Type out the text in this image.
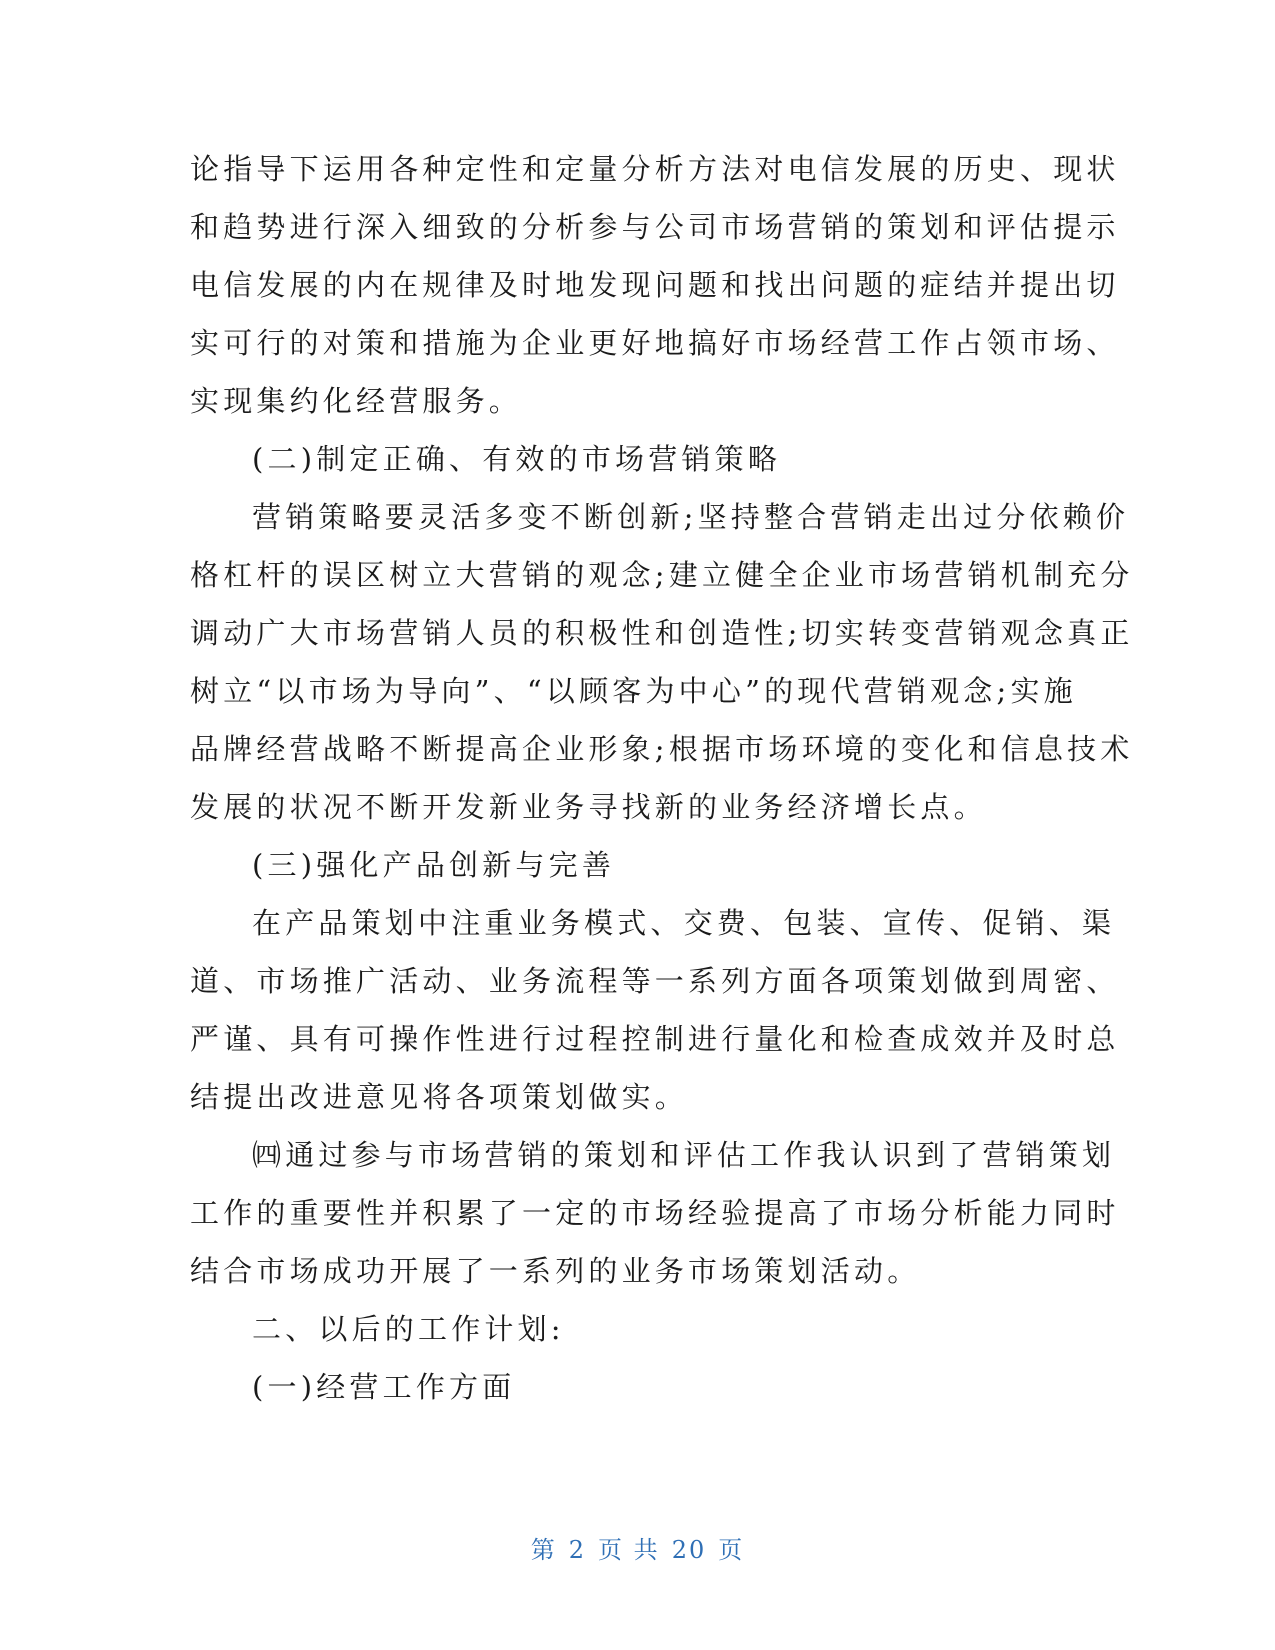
论指导下运用各种定性和定量分析方法对电信发展的历史、现状
和趋势进行深入细致的分析参与公司市场营销的策划和评估提示
电信发展的内在规律及时地发现问题和找出问题的症结并提出切
实可行的对策和措施为企业更好地搞好市场经营工作占领市场、
实现集约化经营服务。
(二)制定正确、有效的市场营销策略
营销策略要灵活多变不断创新;坚持整合营销走出过分依赖价
格杠杆的误区树立大营销的观念;建立健全企业市场营销机制充分
调动广大市场营销人员的积极性和创造性;切实转变营销观念真正
树立“以市场为导向”、“以顾客为中心”的现代营销观念;实施
品牌经营战略不断提高企业形象;根据市场环境的变化和信息技术
发展的状况不断开发新业务寻找新的业务经济增长点。
(三)强化产品创新与完善
在产品策划中注重业务模式、交费、包装、宣传、促销、渠
道、市场推广活动、业务流程等一系列方面各项策划做到周密、
严谨、具有可操作性进行过程控制进行量化和检查成效并及时总
结提出改进意见将各项策划做实。
㈣通过参与市场营销的策划和评估工作我认识到了营销策划
工作的重要性并积累了一定的市场经验提高了市场分析能力同时
结合市场成功开展了一系列的业务市场策划活动。
二、以后的工作计划:
(一)经营工作方面
第 2 页 共 20 页
